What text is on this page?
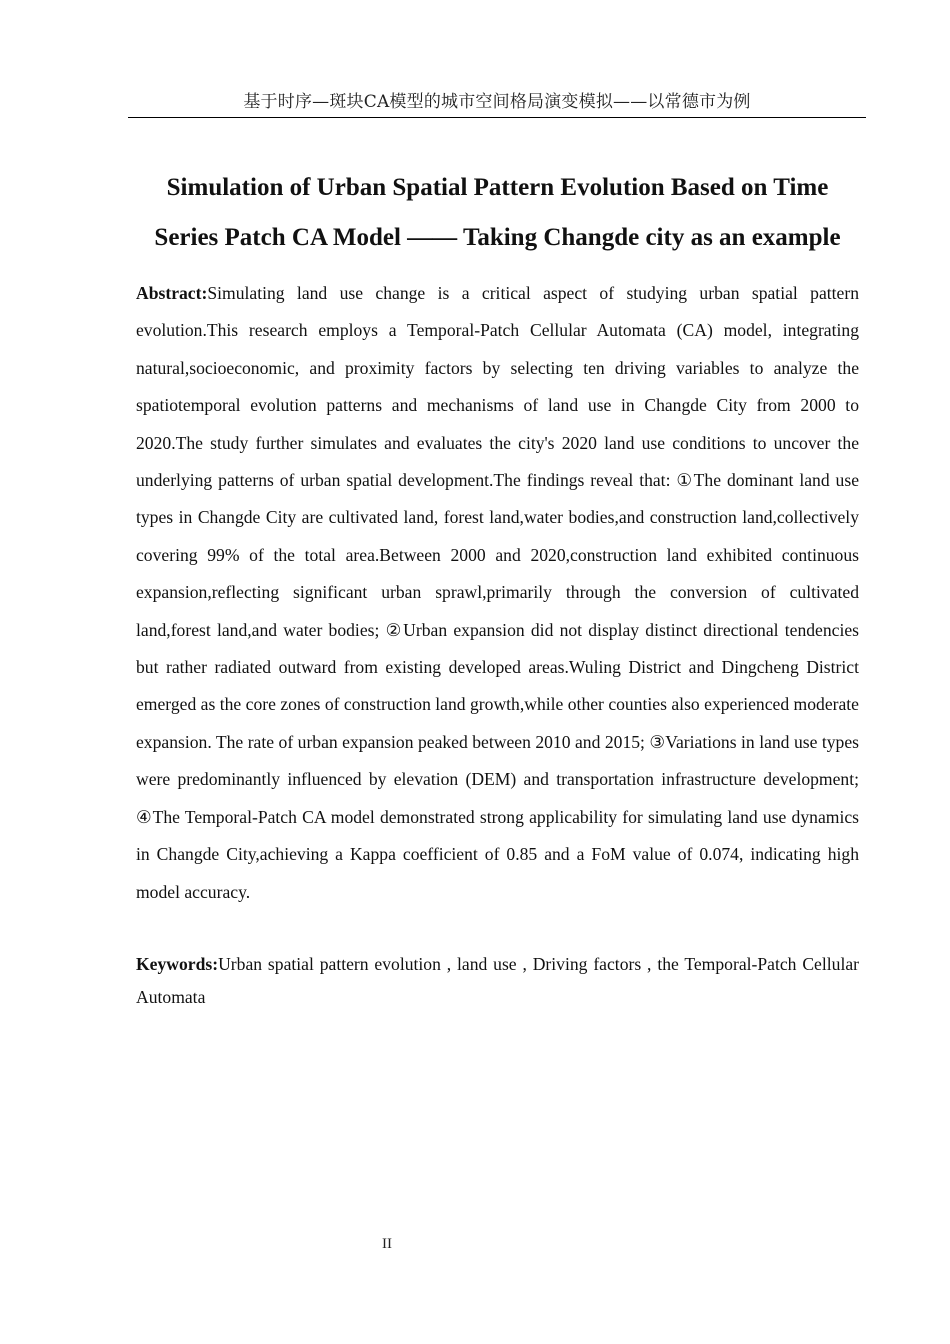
基于时序—斑块CA模型的城市空间格局演变模拟——以常德市为例
Simulation of Urban Spatial Pattern Evolution Based on Time
Series Patch CA Model —— Taking Changde city as an example

Abstract:Simulating land use change is a critical aspect of studying urban spatial pattern evolution.This research employs a Temporal-Patch Cellular Automata (CA) model, integrating natural,socioeconomic, and proximity factors by selecting ten driving variables to analyze the spatiotemporal evolution patterns and mechanisms of land use in Changde City from 2000 to 2020.The study further simulates and evaluates the city's 2020 land use conditions to uncover the underlying patterns of urban spatial development.The findings reveal that: ①The dominant land use types in Changde City are cultivated land, forest land,water bodies,and construction land,collectively covering 99% of the total area.Between 2000 and 2020,construction land exhibited continuous expansion,reflecting significant urban sprawl,primarily through the conversion of cultivated land,forest land,and water bodies; ②Urban expansion did not display distinct directional tendencies but rather radiated outward from existing developed areas.Wuling District and Dingcheng District emerged as the core zones of construction land growth,while other counties also experienced moderate expansion. The rate of urban expansion peaked between 2010 and 2015; ③Variations in land use types were predominantly influenced by elevation (DEM) and transportation infrastructure development; ④The Temporal-Patch CA model demonstrated strong applicability for simulating land use dynamics in Changde City,achieving a Kappa coefficient of 0.85 and a FoM value of 0.074, indicating high model accuracy.

Keywords:Urban spatial pattern evolution , land use , Driving factors , the Temporal-Patch Cellular Automata

II
